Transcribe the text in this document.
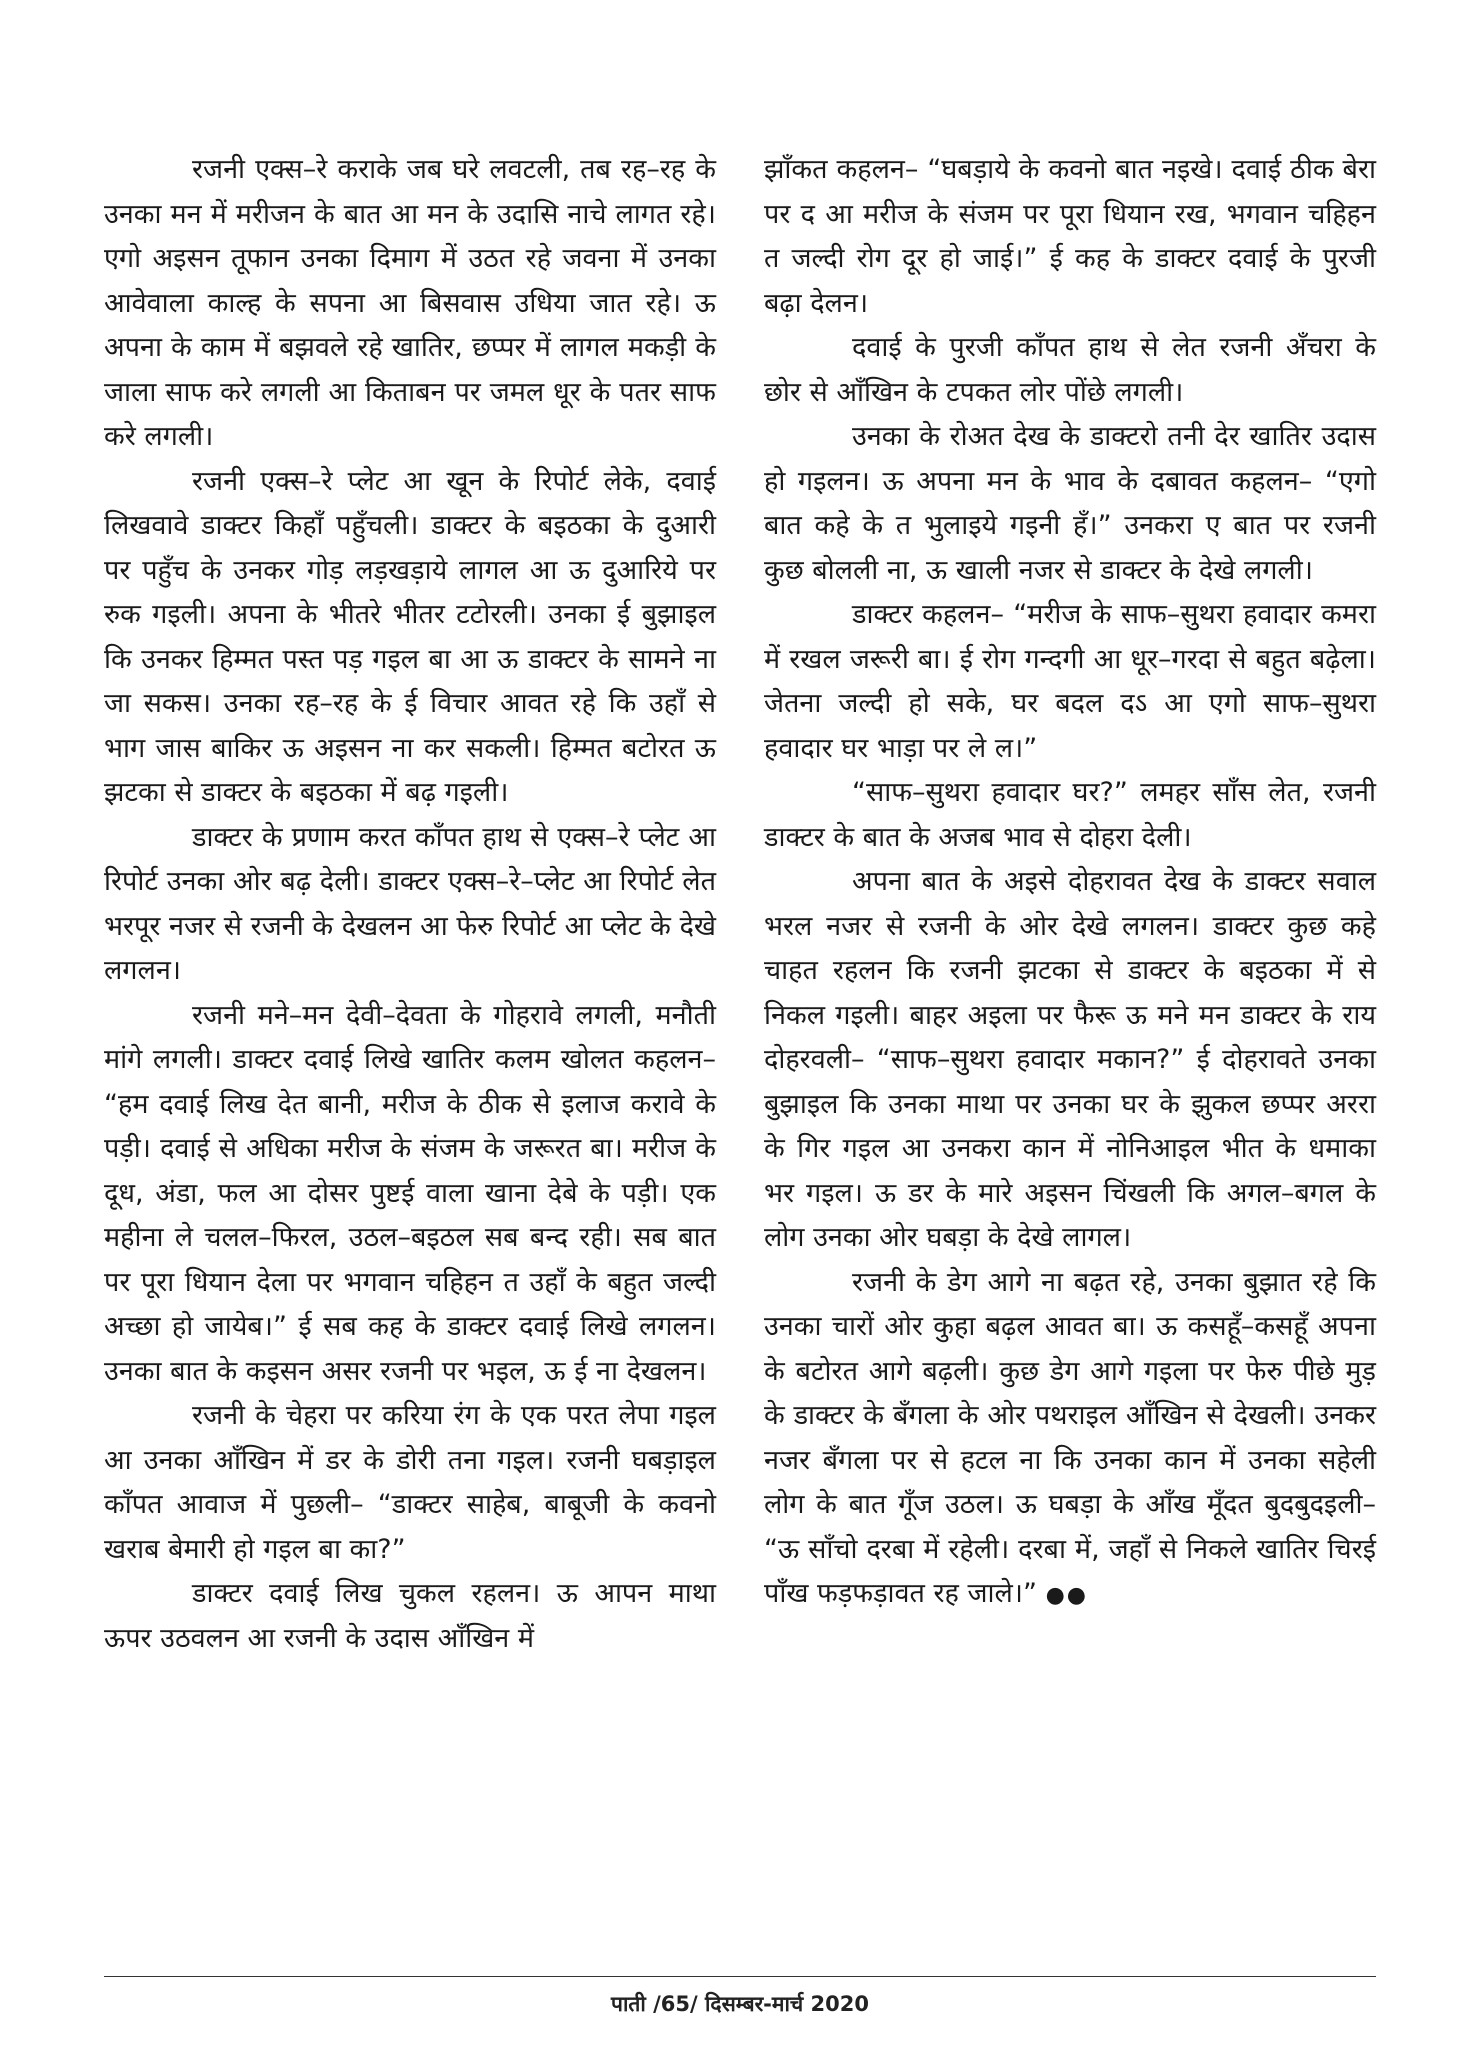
रजनी एक्स–रे कराके जब घरे लवटली, तब रह–रह के उनका मन में मरीजन के बात आ मन के उदासि नाचे लागत रहे। एगो अइसन तूफान उनका दिमाग में उठत रहे जवना में उनका आवेवाला काल्ह के सपना आ बिसवास उधिया जात रहे। ऊ अपना के काम में बझवले रहे खातिर, छप्पर में लागल मकड़ी के जाला साफ करे लगली आ किताबन पर जमल धूर के पतर साफ करे लगली।

रजनी एक्स–रे प्लेट आ खून के रिपोर्ट लेके, दवाई लिखवावे डाक्टर किहाँ पहुँचली। डाक्टर के बइठका के दुआरी पर पहुँच के उनकर गोड़ लड़खड़ाये लागल आ ऊ दुआरिये पर रुक गइली। अपना के भीतरे भीतर टटोरली। उनका ई बुझाइल कि उनकर हिम्मत पस्त पड़ गइल बा आ ऊ डाक्टर के सामने ना जा सकस। उनका रह–रह के ई विचार आवत रहे कि उहाँ से भाग जास बाकिर ऊ अइसन ना कर सकली। हिम्मत बटोरत ऊ झटका से डाक्टर के बइठका में बढ़ गइली।

डाक्टर के प्रणाम करत काँपत हाथ से एक्स–रे प्लेट आ रिपोर्ट उनका ओर बढ़ देली। डाक्टर एक्स–रे–प्लेट आ रिपोर्ट लेत भरपूर नजर से रजनी के देखलन आ फेरु रिपोर्ट आ प्लेट के देखे लगलन।

रजनी मने–मन देवी–देवता के गोहरावे लगली, मनौती मांगे लगली। डाक्टर दवाई लिखे खातिर कलम खोलत कहलन– “हम दवाई लिख देत बानी, मरीज के ठीक से इलाज करावे के पड़ी। दवाई से अधिका मरीज के संजम के जरूरत बा। मरीज के दूध, अंडा, फल आ दोसर पुष्टई वाला खाना देबे के पड़ी। एक महीना ले चलल–फिरल, उठल–बइठल सब बन्द रही। सब बात पर पूरा धियान देला पर भगवान चहिहन त उहाँ के बहुत जल्दी अच्छा हो जायेब।” ई सब कह के डाक्टर दवाई लिखे लगलन। उनका बात के कइसन असर रजनी पर भइल, ऊ ई ना देखलन।

रजनी के चेहरा पर करिया रंग के एक परत लेपा गइल आ उनका आँखिन में डर के डोरी तना गइल। रजनी घबड़ाइल काँपत आवाज में पुछली– “डाक्टर साहेब, बाबूजी के कवनो खराब बेमारी हो गइल बा का?”

डाक्टर दवाई लिख चुकल रहलन। ऊ आपन माथा ऊपर उठवलन आ रजनी के उदास आँखिन में

झाँकत कहलन– “घबड़ाये के कवनो बात नइखे। दवाई ठीक बेरा पर द आ मरीज के संजम पर पूरा धियान रख, भगवान चहिहन त जल्दी रोग दूर हो जाई।” ई कह के डाक्टर दवाई के पुरजी बढ़ा देलन।

दवाई के पुरजी काँपत हाथ से लेत रजनी अँचरा के छोर से आँखिन के टपकत लोर पोंछे लगली।

उनका के रोअत देख के डाक्टरो तनी देर खातिर उदास हो गइलन। ऊ अपना मन के भाव के दबावत कहलन– “एगो बात कहे के त भुलाइये गइनी हँ।” उनकरा ए बात पर रजनी कुछ बोलली ना, ऊ खाली नजर से डाक्टर के देखे लगली।

डाक्टर कहलन– “मरीज के साफ–सुथरा हवादार कमरा में रखल जरूरी बा। ई रोग गन्दगी आ धूर–गरदा से बहुत बढ़ेला। जेतना जल्दी हो सके, घर बदल दऽ आ एगो साफ–सुथरा हवादार घर भाड़ा पर ले ल।”

“साफ–सुथरा हवादार घर?” लमहर साँस लेत, रजनी डाक्टर के बात के अजब भाव से दोहरा देली।

अपना बात के अइसे दोहरावत देख के डाक्टर सवाल भरल नजर से रजनी के ओर देखे लगलन। डाक्टर कुछ कहे चाहत रहलन कि रजनी झटका से डाक्टर के बइठका में से निकल गइली। बाहर अइला पर फैरू ऊ मने मन डाक्टर के राय दोहरवली– “साफ–सुथरा हवादार मकान?” ई दोहरावते उनका बुझाइल कि उनका माथा पर उनका घर के झुकल छप्पर अररा के गिर गइल आ उनकरा कान में नोनिआइल भीत के धमाका भर गइल। ऊ डर के मारे अइसन चिंखली कि अगल–बगल के लोग उनका ओर घबड़ा के देखे लागल।

रजनी के डेग आगे ना बढ़त रहे, उनका बुझात रहे कि उनका चारों ओर कुहा बढ़ल आवत बा। ऊ कसहूँ–कसहूँ अपना के बटोरत आगे बढ़ली। कुछ डेग आगे गइला पर फेरु पीछे मुड़ के डाक्टर के बँगला के ओर पथराइल आँखिन से देखली। उनकर नजर बँगला पर से हटल ना कि उनका कान में उनका सहेली लोग के बात गूँज उठल। ऊ घबड़ा के आँख मूँदत बुदबुदइली– “ऊ साँचो दरबा में रहेली। दरबा में, जहाँ से निकले खातिर चिरई पाँख फड़फड़ावत रह जाले।” ●●

पाती /65/ दिसम्बर-मार्च 2020
